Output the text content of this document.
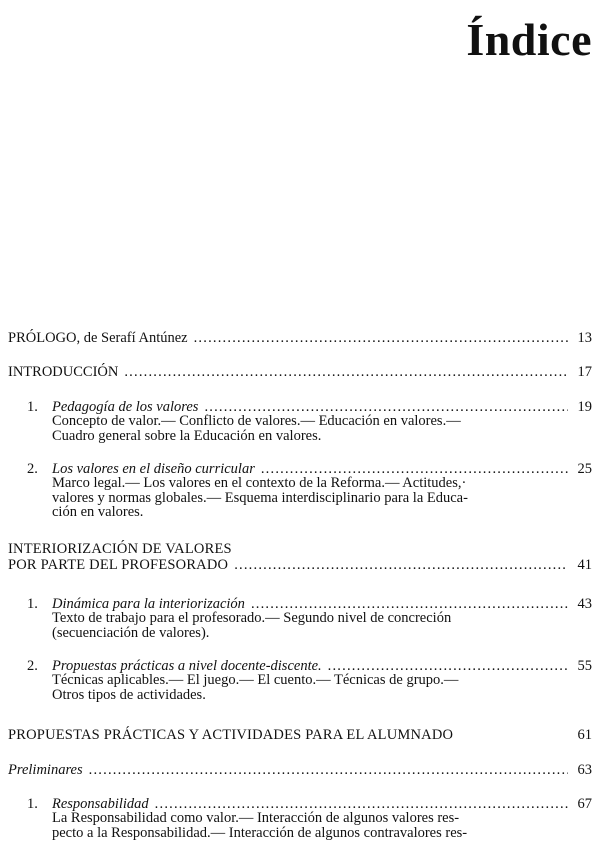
Índice
PRÓLOGO, de Serafí Antúnez .....	13
INTRODUCCIÓN .....	17
1. Pedagogía de los valores .....	19
Concepto de valor.— Conflicto de valores.— Educación en valores.—
Cuadro general sobre la Educación en valores.
2. Los valores en el diseño curricular .....	25
Marco legal.— Los valores en el contexto de la Reforma.— Actitudes,·
valores y normas globales.— Esquema interdisciplinario para la Educa-
ción en valores.
INTERIORIZACIÓN DE VALORES
POR PARTE DEL PROFESORADO .....	41
1. Dinámica para la interiorización .....	43
Texto de trabajo para el profesorado.— Segundo nivel de concreción
(secuenciación de valores).
2. Propuestas prácticas a nivel docente-discente. .....	55
Técnicas aplicables.— El juego.— El cuento.— Técnicas de grupo.—
Otros tipos de actividades.
PROPUESTAS PRÁCTICAS Y ACTIVIDADES PARA EL ALUMNADO	61
Preliminares .....	63
1. Responsabilidad .....	67
La Responsabilidad como valor.— Interacción de algunos valores res-
pecto a la Responsabilidad.— Interacción de algunos contravalores res-
